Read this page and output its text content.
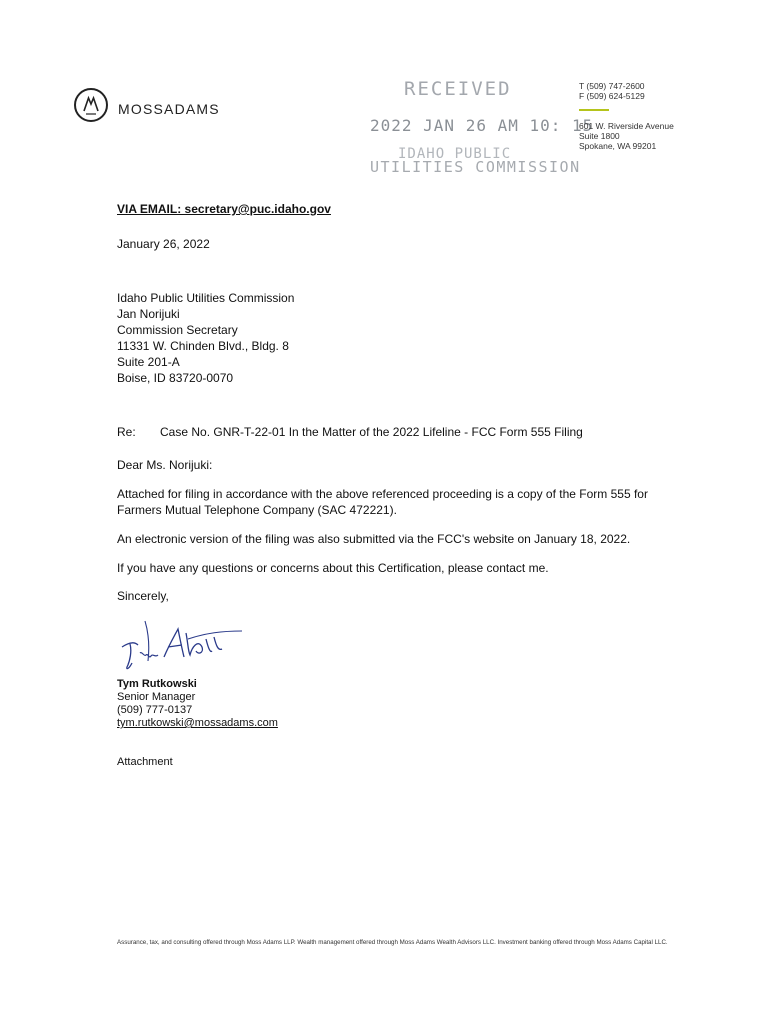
MOSSADAMS
RECEIVED
2022 JAN 26 AM 10: 15
IDAHO PUBLIC
UTILITIES COMMISSION
T (509) 747-2600
F (509) 624-5129
601 W. Riverside Avenue
Suite 1800
Spokane, WA 99201
VIA EMAIL: secretary@puc.idaho.gov
January 26, 2022
Idaho Public Utilities Commission
Jan Norijuki
Commission Secretary
11331 W. Chinden Blvd., Bldg. 8
Suite 201-A
Boise, ID 83720-0070
Re: Case No. GNR-T-22-01 In the Matter of the 2022 Lifeline - FCC Form 555 Filing
Dear Ms. Norijuki:
Attached for filing in accordance with the above referenced proceeding is a copy of the Form 555 for Farmers Mutual Telephone Company (SAC 472221).
An electronic version of the filing was also submitted via the FCC's website on January 18, 2022.
If you have any questions or concerns about this Certification, please contact me.
Sincerely,
Tym Rutkowski
Senior Manager
(509) 777-0137
tym.rutkowski@mossadams.com
Attachment
Assurance, tax, and consulting offered through Moss Adams LLP. Wealth management offered through Moss Adams Wealth Advisors LLC. Investment banking offered through Moss Adams Capital LLC.
